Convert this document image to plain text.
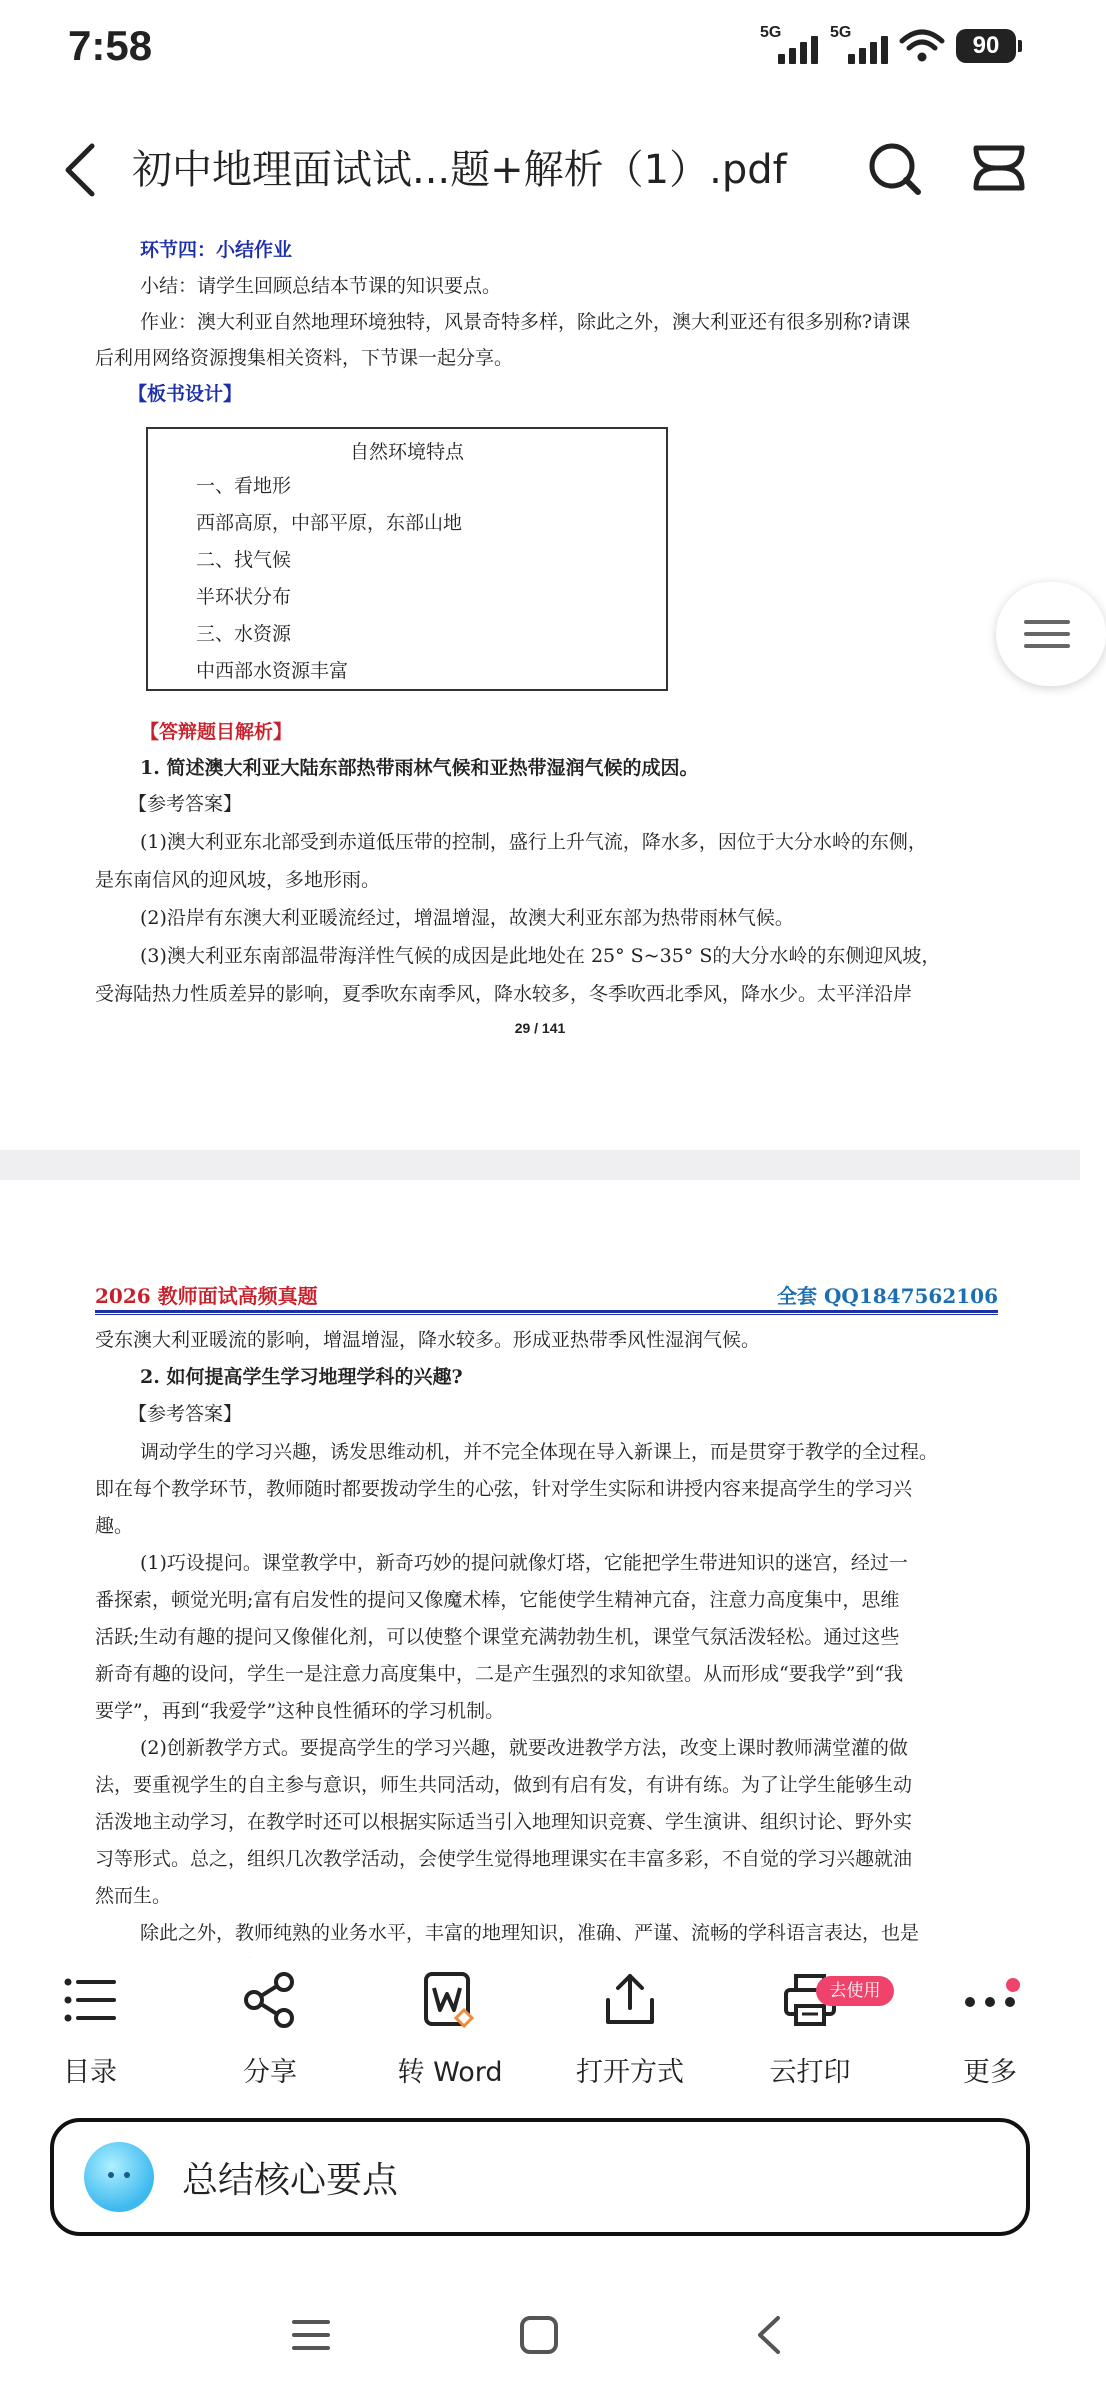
7:58	5G	5G	90
初中地理面试试...题+解析（1）.pdf
环节四：小结作业
小结：请学生回顾总结本节课的知识要点。
作业：澳大利亚自然地理环境独特，风景奇特多样，除此之外，澳大利亚还有很多别称?请课
后利用网络资源搜集相关资料，下节课一起分享。
【板书设计】
自然环境特点
一、看地形
西部高原，中部平原，东部山地
二、找气候
半环状分布
三、水资源
中西部水资源丰富
【答辩题目解析】
1. 简述澳大利亚大陆东部热带雨林气候和亚热带湿润气候的成因。
【参考答案】
(1)澳大利亚东北部受到赤道低压带的控制，盛行上升气流，降水多，因位于大分水岭的东侧，
是东南信风的迎风坡，多地形雨。
(2)沿岸有东澳大利亚暖流经过，增温增湿，故澳大利亚东部为热带雨林气候。
(3)澳大利亚东南部温带海洋性气候的成因是此地处在 25° S~35° S的大分水岭的东侧迎风坡，
受海陆热力性质差异的影响，夏季吹东南季风，降水较多，冬季吹西北季风，降水少。太平洋沿岸
29 / 141
2026 教师面试高频真题	全套 QQ1847562106
受东澳大利亚暖流的影响，增温增湿，降水较多。形成亚热带季风性湿润气候。
2. 如何提高学生学习地理学科的兴趣?
【参考答案】
调动学生的学习兴趣，诱发思维动机，并不完全体现在导入新课上，而是贯穿于教学的全过程。
即在每个教学环节，教师随时都要拨动学生的心弦，针对学生实际和讲授内容来提高学生的学习兴
趣。
(1)巧设提问。课堂教学中，新奇巧妙的提问就像灯塔，它能把学生带进知识的迷宫，经过一
番探索，顿觉光明;富有启发性的提问又像魔术棒，它能使学生精神亢奋，注意力高度集中，思维
活跃;生动有趣的提问又像催化剂，可以使整个课堂充满勃勃生机，课堂气氛活泼轻松。通过这些
新奇有趣的设问，学生一是注意力高度集中，二是产生强烈的求知欲望。从而形成“要我学”到“我
要学”，再到“我爱学”这种良性循环的学习机制。
(2)创新教学方式。要提高学生的学习兴趣，就要改进教学方法，改变上课时教师满堂灌的做
法，要重视学生的自主参与意识，师生共同活动，做到有启有发，有讲有练。为了让学生能够生动
活泼地主动学习，在教学时还可以根据实际适当引入地理知识竞赛、学生演讲、组织讨论、野外实
习等形式。总之，组织几次教学活动，会使学生觉得地理课实在丰富多彩，不自觉的学习兴趣就油
然而生。
除此之外，教师纯熟的业务水平，丰富的地理知识，准确、严谨、流畅的学科语言表达，也是
目录	分享	转 Word	打开方式	云打印	更多
去使用
总结核心要点
